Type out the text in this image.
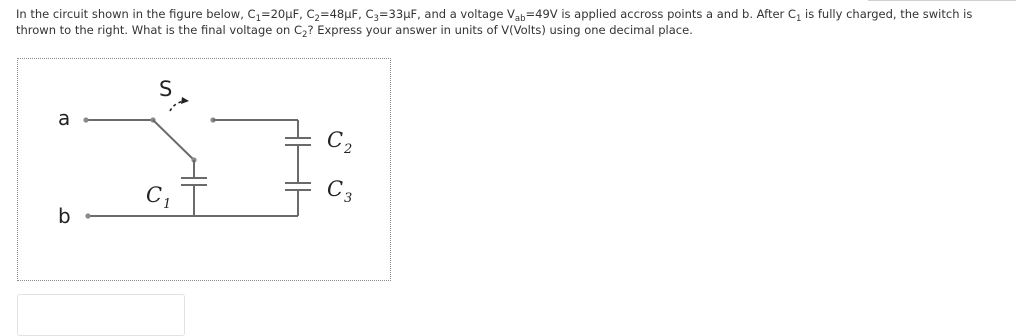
In the circuit shown in the figure below, $C_1=20\mu F$, $C_2=48\mu F$, $C_3=33\mu F$, and a voltage $V_{ab}=49V$ is applied accross points a and b. After $C_1$ is fully charged, the switch is thrown to the right. What is the final voltage on $C_2$? Express your answer in units of V(Volts) using one decimal place.
a
b
S
C 1
C 2
C 3
